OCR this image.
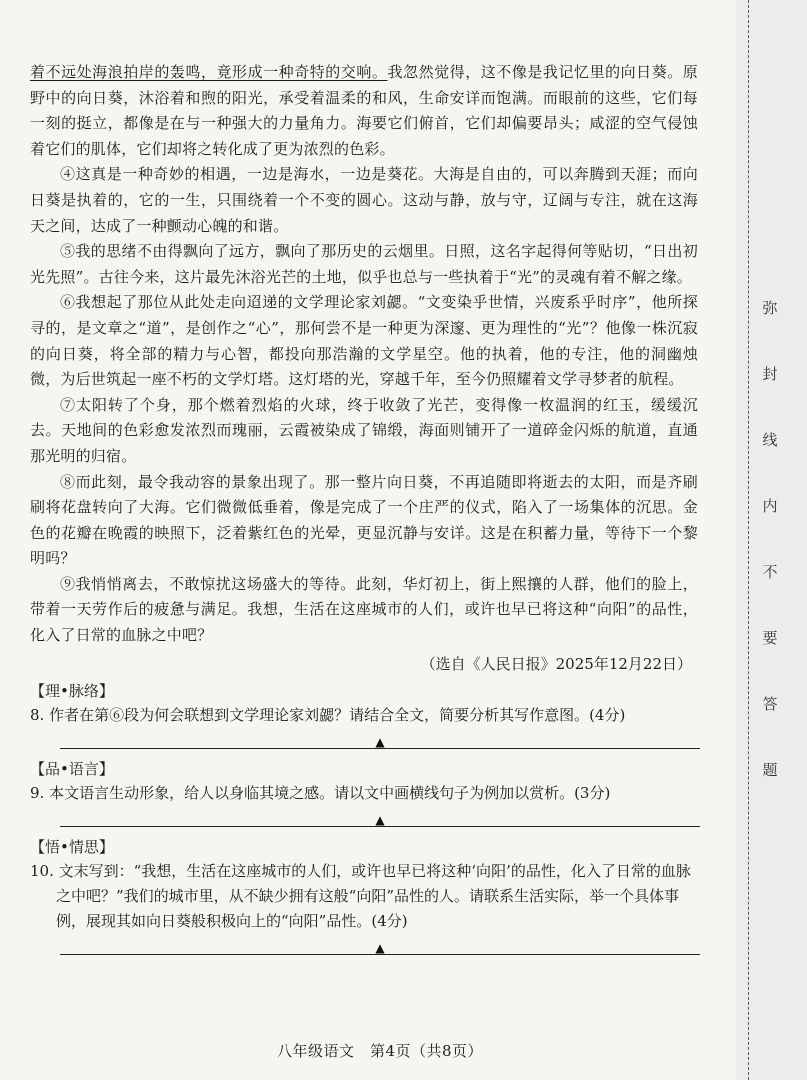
着不远处海浪拍岸的轰鸣，竟形成一种奇特的交响。我忽然觉得，这不像是我记忆里的向日葵。原野中的向日葵，沐浴着和煦的阳光，承受着温柔的和风，生命安详而饱满。而眼前的这些，它们每一刻的挺立，都像是在与一种强大的力量角力。海要它们俯首，它们却偏要昂头；咸涩的空气侵蚀着它们的肌体，它们却将之转化成了更为浓烈的色彩。

④这真是一种奇妙的相遇，一边是海水，一边是葵花。大海是自由的，可以奔腾到天涯；而向日葵是执着的，它的一生，只围绕着一个不变的圆心。这动与静，放与守，辽阔与专注，就在这海天之间，达成了一种颤动心魄的和谐。

⑤我的思绪不由得飘向了远方，飘向了那历史的云烟里。日照，这名字起得何等贴切，“日出初光先照”。古往今来，这片最先沐浴光芒的土地，似乎也总与一些执着于“光”的灵魂有着不解之缘。

⑥我想起了那位从此处走向迢递的文学理论家刘勰。“文变染乎世情，兴废系乎时序”，他所探寻的，是文章之“道”，是创作之“心”，那何尝不是一种更为深邃、更为理性的“光”？他像一株沉寂的向日葵，将全部的精力与心智，都投向那浩瀚的文学星空。他的执着，他的专注，他的洞幽烛微，为后世筑起一座不朽的文学灯塔。这灯塔的光，穿越千年，至今仍照耀着文学寻梦者的航程。

⑦太阳转了个身，那个燃着烈焰的火球，终于收敛了光芒，变得像一枚温润的红玉，缓缓沉去。天地间的色彩愈发浓烈而瑰丽，云霞被染成了锦缎，海面则铺开了一道碎金闪烁的航道，直通那光明的归宿。

⑧而此刻，最令我动容的景象出现了。那一整片向日葵，不再追随即将逝去的太阳，而是齐刷刷将花盘转向了大海。它们微微低垂着，像是完成了一个庄严的仪式，陷入了一场集体的沉思。金色的花瓣在晚霞的映照下，泛着紫红色的光晕，更显沉静与安详。这是在积蓄力量，等待下一个黎明吗？

⑨我悄悄离去，不敢惊扰这场盛大的等待。此刻，华灯初上，街上熙攘的人群，他们的脸上，带着一天劳作后的疲惫与满足。我想，生活在这座城市的人们，或许也早已将这种“向阳”的品性，化入了日常的血脉之中吧？

（选自《人民日报》2025年12月22日）
【理•脉络】

8. 作者在第⑥段为何会联想到文学理论家刘勰？请结合全文，简要分析其写作意图。(4分)

▲
【品•语言】

9. 本文语言生动形象，给人以身临其境之感。请以文中画横线句子为例加以赏析。(3分)

▲
【悟•情思】

10. 文末写到：“我想，生活在这座城市的人们，或许也早已将这种‘向阳’的品性，化入了日常的血脉之中吧？”我们的城市里，从不缺少拥有这般“向阳”品性的人。请联系生活实际，举一个具体事例，展现其如向日葵般积极向上的“向阳”品性。(4分)

▲
八年级语文　第4页（共8页）
弥
封
线
内
不
要
答
题
